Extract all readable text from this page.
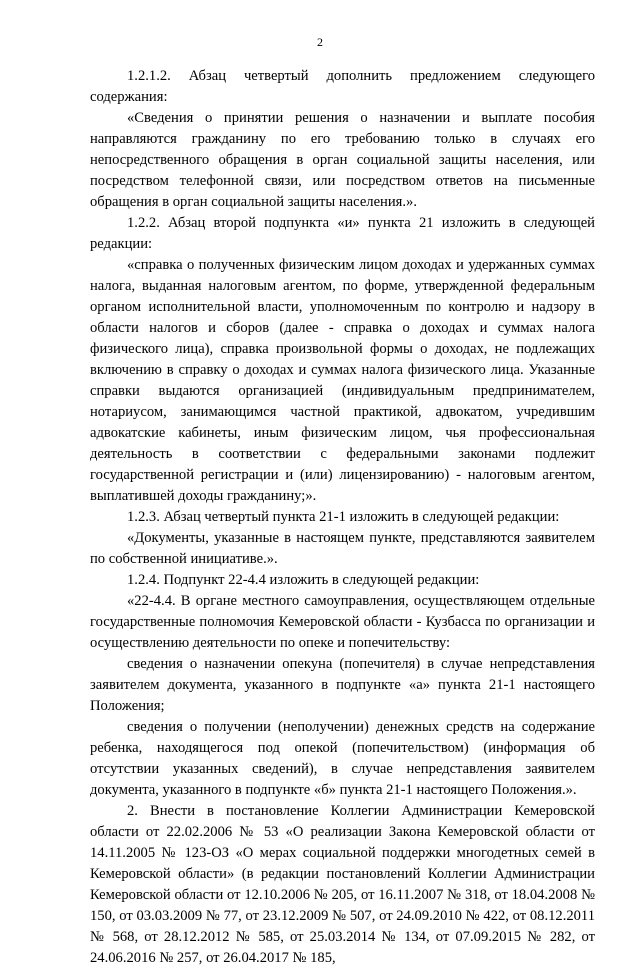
2

1.2.1.2. Абзац четвертый дополнить предложением следующего содержания:

«Сведения о принятии решения о назначении и выплате пособия направляются гражданину по его требованию только в случаях его непосредственного обращения в орган социальной защиты населения, или посредством телефонной связи, или посредством ответов на письменные обращения в орган социальной защиты населения.».

1.2.2. Абзац второй подпункта «и» пункта 21 изложить в следующей редакции:

«справка о полученных физическим лицом доходах и удержанных суммах налога, выданная налоговым агентом, по форме, утвержденной федеральным органом исполнительной власти, уполномоченным по контролю и надзору в области налогов и сборов (далее - справка о доходах и суммах налога физического лица), справка произвольной формы о доходах, не подлежащих включению в справку о доходах и суммах налога физического лица. Указанные справки выдаются организацией (индивидуальным предпринимателем, нотариусом, занимающимся частной практикой, адвокатом, учредившим адвокатские кабинеты, иным физическим лицом, чья профессиональная деятельность в соответствии с федеральными законами подлежит государственной регистрации и (или) лицензированию) - налоговым агентом, выплатившей доходы гражданину;».

1.2.3. Абзац четвертый пункта 21-1 изложить в следующей редакции:

«Документы, указанные в настоящем пункте, представляются заявителем по собственной инициативе.».

1.2.4. Подпункт 22-4.4 изложить в следующей редакции:

«22-4.4. В органе местного самоуправления, осуществляющем отдельные государственные полномочия Кемеровской области - Кузбасса по организации и осуществлению деятельности по опеке и попечительству:

сведения о назначении опекуна (попечителя) в случае непредставления заявителем документа, указанного в подпункте «а» пункта 21-1 настоящего Положения;

сведения о получении (неполучении) денежных средств на содержание ребенка, находящегося под опекой (попечительством) (информация об отсутствии указанных сведений), в случае непредставления заявителем документа, указанного в подпункте «б» пункта 21-1 настоящего Положения.».

2. Внести в постановление Коллегии Администрации Кемеровской области от 22.02.2006 № 53 «О реализации Закона Кемеровской области от 14.11.2005 № 123-ОЗ «О мерах социальной поддержки многодетных семей в Кемеровской области» (в редакции постановлений Коллегии Администрации Кемеровской области от 12.10.2006 № 205, от 16.11.2007 № 318, от 18.04.2008 № 150, от 03.03.2009 № 77, от 23.12.2009 № 507, от 24.09.2010 № 422, от 08.12.2011 № 568, от 28.12.2012 № 585, от 25.03.2014 № 134, от 07.09.2015 № 282, от 24.06.2016 № 257, от 26.04.2017 № 185,
